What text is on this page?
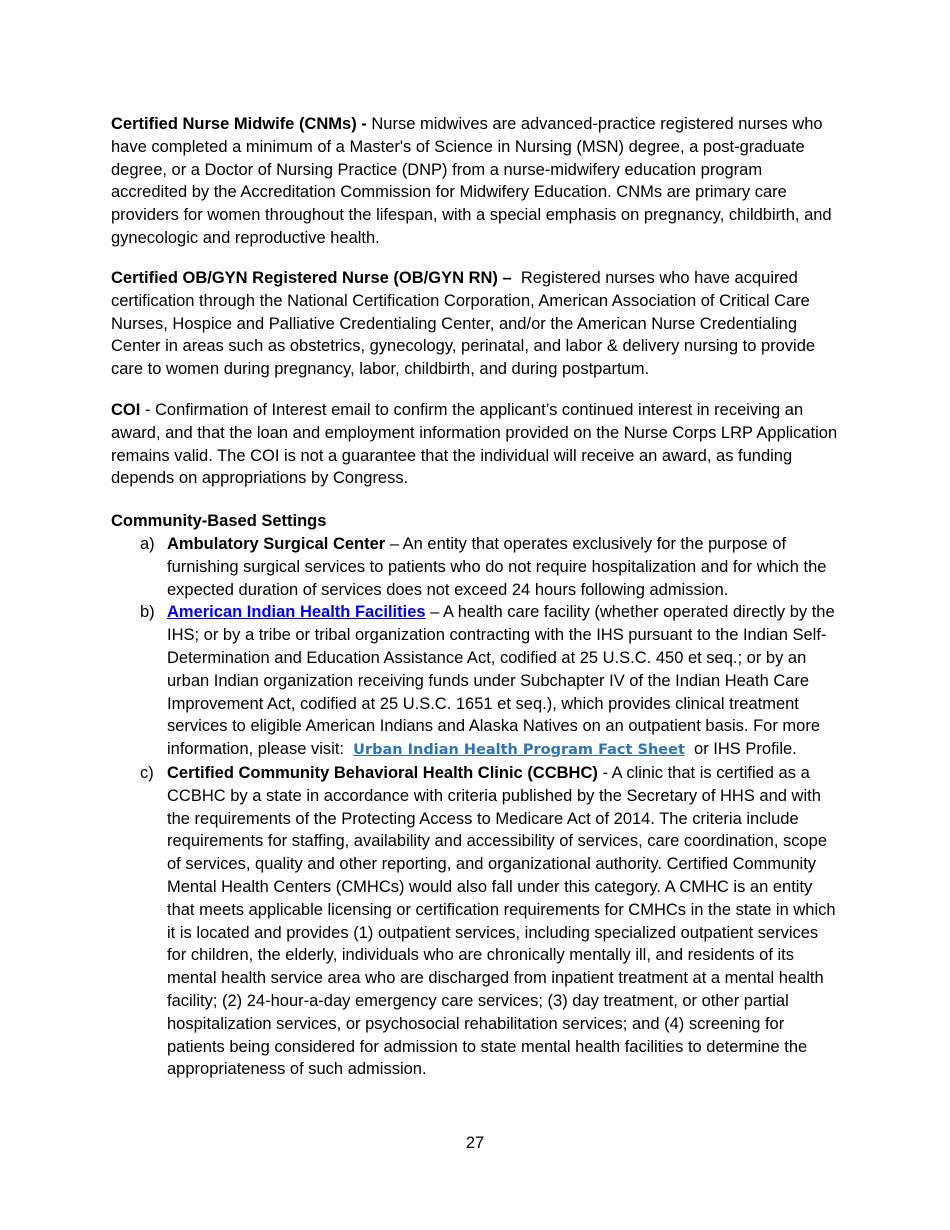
Certified Nurse Midwife (CNMs) - Nurse midwives are advanced-practice registered nurses who have completed a minimum of a Master's of Science in Nursing (MSN) degree, a post-graduate degree, or a Doctor of Nursing Practice (DNP) from a nurse-midwifery education program accredited by the Accreditation Commission for Midwifery Education. CNMs are primary care providers for women throughout the lifespan, with a special emphasis on pregnancy, childbirth, and gynecologic and reproductive health.

Certified OB/GYN Registered Nurse (OB/GYN RN) – Registered nurses who have acquired certification through the National Certification Corporation, American Association of Critical Care Nurses, Hospice and Palliative Credentialing Center, and/or the American Nurse Credentialing Center in areas such as obstetrics, gynecology, perinatal, and labor & delivery nursing to provide care to women during pregnancy, labor, childbirth, and during postpartum.

COI - Confirmation of Interest email to confirm the applicant’s continued interest in receiving an award, and that the loan and employment information provided on the Nurse Corps LRP Application remains valid. The COI is not a guarantee that the individual will receive an award, as funding depends on appropriations by Congress.

Community-Based Settings

a) Ambulatory Surgical Center – An entity that operates exclusively for the purpose of furnishing surgical services to patients who do not require hospitalization and for which the expected duration of services does not exceed 24 hours following admission.
b) American Indian Health Facilities – A health care facility (whether operated directly by the IHS; or by a tribe or tribal organization contracting with the IHS pursuant to the Indian Self-Determination and Education Assistance Act, codified at 25 U.S.C. 450 et seq.; or by an urban Indian organization receiving funds under Subchapter IV of the Indian Heath Care Improvement Act, codified at 25 U.S.C. 1651 et seq.), which provides clinical treatment services to eligible American Indians and Alaska Natives on an outpatient basis. For more information, please visit: Urban Indian Health Program Fact Sheet or IHS Profile.
c) Certified Community Behavioral Health Clinic (CCBHC) - A clinic that is certified as a CCBHC by a state in accordance with criteria published by the Secretary of HHS and with the requirements of the Protecting Access to Medicare Act of 2014. The criteria include requirements for staffing, availability and accessibility of services, care coordination, scope of services, quality and other reporting, and organizational authority. Certified Community Mental Health Centers (CMHCs) would also fall under this category. A CMHC is an entity that meets applicable licensing or certification requirements for CMHCs in the state in which it is located and provides (1) outpatient services, including specialized outpatient services for children, the elderly, individuals who are chronically mentally ill, and residents of its mental health service area who are discharged from inpatient treatment at a mental health facility; (2) 24-hour-a-day emergency care services; (3) day treatment, or other partial hospitalization services, or psychosocial rehabilitation services; and (4) screening for patients being considered for admission to state mental health facilities to determine the appropriateness of such admission.
27
